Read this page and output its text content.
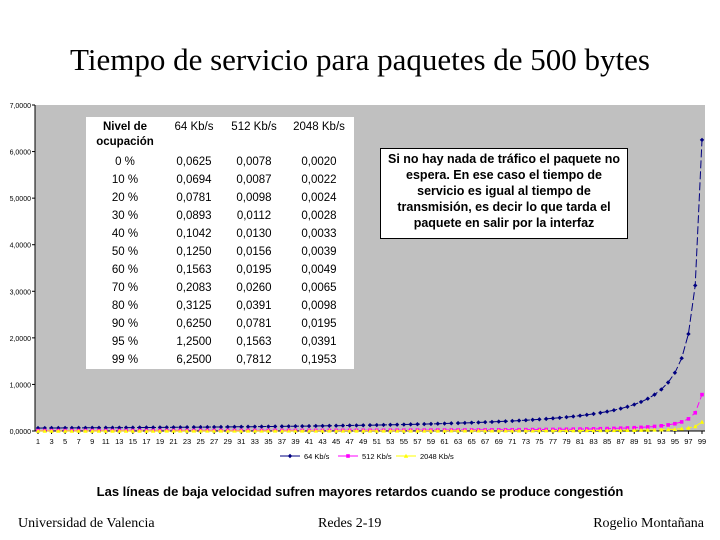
Tiempo de servicio para paquetes de 500 bytes
0,0000
1,0000
2,0000
3,0000
4,0000
5,0000
6,0000
7,0000
1 3 5 7 9 11 13 15 17 19 21 23 25 27 29 31 33 35 37 39 41 43 45 47 49 51 53 55 57 59 61 63 65 67 69 71 73 75 77 79 81 83 85 87 89 91 93 95 97 99
64 Kb/s	512 Kb/s	2048 Kb/s
Nivel de ocupación	64 Kb/s	512 Kb/s	2048 Kb/s
0 %	0,0625	0,0078	0,0020
10 %	0,0694	0,0087	0,0022
20 %	0,0781	0,0098	0,0024
30 %	0,0893	0,0112	0,0028
40 %	0,1042	0,0130	0,0033
50 %	0,1250	0,0156	0,0039
60 %	0,1563	0,0195	0,0049
70 %	0,2083	0,0260	0,0065
80 %	0,3125	0,0391	0,0098
90 %	0,6250	0,0781	0,0195
95 %	1,2500	0,1563	0,0391
99 %	6,2500	0,7812	0,1953
Si no hay nada de tráfico el paquete no espera. En ese caso el tiempo de servicio es igual al tiempo de transmisión, es decir lo que tarda el paquete en salir por la interfaz
Las líneas de baja velocidad sufren mayores retardos cuando se produce congestión
Universidad de Valencia	Redes 2-19	Rogelio Montañana
